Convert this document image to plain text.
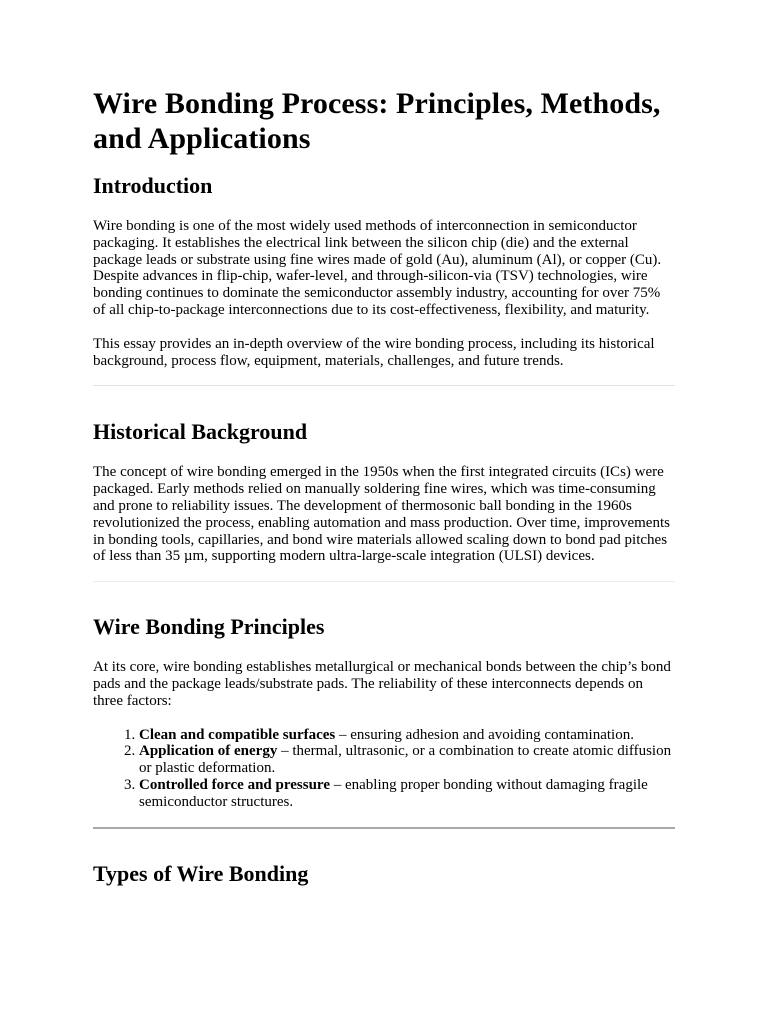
Wire Bonding Process: Principles, Methods, and Applications
Introduction

Wire bonding is one of the most widely used methods of interconnection in semiconductor packaging. It establishes the electrical link between the silicon chip (die) and the external package leads or substrate using fine wires made of gold (Au), aluminum (Al), or copper (Cu). Despite advances in flip-chip, wafer-level, and through-silicon-via (TSV) technologies, wire bonding continues to dominate the semiconductor assembly industry, accounting for over 75% of all chip-to-package interconnections due to its cost-effectiveness, flexibility, and maturity.

This essay provides an in-depth overview of the wire bonding process, including its historical background, process flow, equipment, materials, challenges, and future trends.

Historical Background

The concept of wire bonding emerged in the 1950s when the first integrated circuits (ICs) were packaged. Early methods relied on manually soldering fine wires, which was time-consuming and prone to reliability issues. The development of thermosonic ball bonding in the 1960s revolutionized the process, enabling automation and mass production. Over time, improvements in bonding tools, capillaries, and bond wire materials allowed scaling down to bond pad pitches of less than 35 µm, supporting modern ultra-large-scale integration (ULSI) devices.

Wire Bonding Principles

At its core, wire bonding establishes metallurgical or mechanical bonds between the chip’s bond pads and the package leads/substrate pads. The reliability of these interconnects depends on three factors:

1. Clean and compatible surfaces – ensuring adhesion and avoiding contamination.
2. Application of energy – thermal, ultrasonic, or a combination to create atomic diffusion or plastic deformation.
3. Controlled force and pressure – enabling proper bonding without damaging fragile semiconductor structures.
Types of Wire Bonding
